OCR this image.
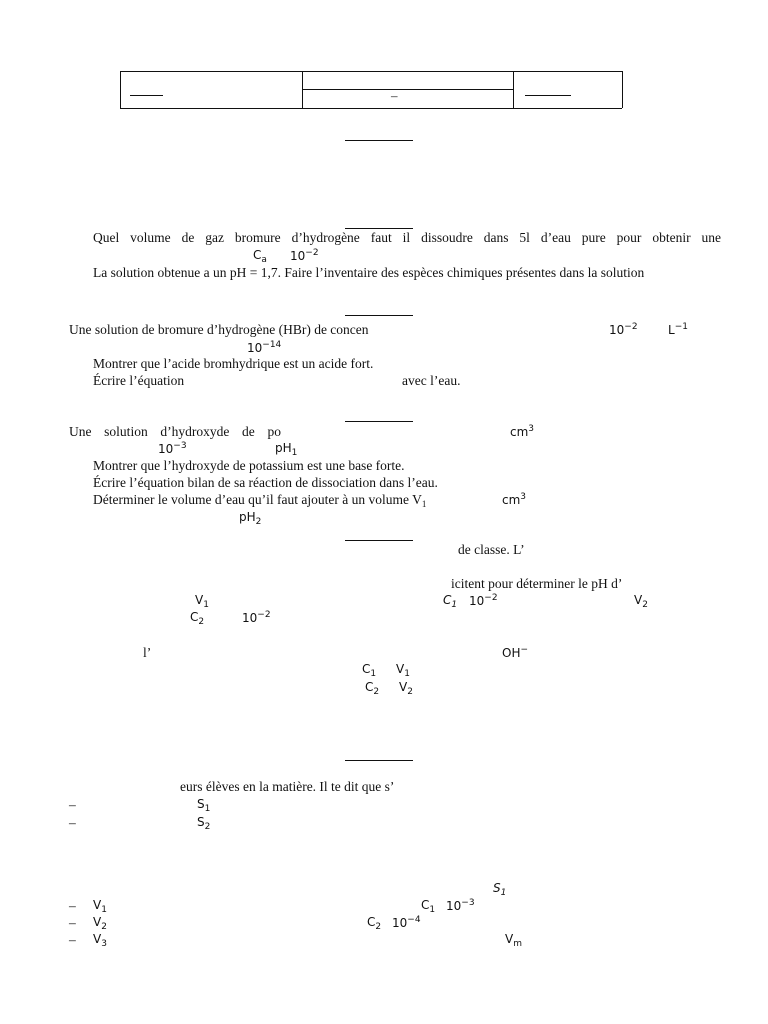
–
Quel volume de gaz bromure d’hydrogène faut il dissoudre dans 5l d’eau pure pour obtenir une
$C_a$ $10^{-2}$
La solution obtenue a un pH = 1,7. Faire l’inventaire des espèces chimiques présentes dans la solution
Une solution de bromure d’hydrogène (HBr) de concen	$10^{-2}$	$L^{-1}$
$10^{-14}$
Montrer que l’acide bromhydrique est un acide fort.
Écrire l’équation	avec l’eau.
Une solution d’hydroxyde de po	$cm^3$
$10^{-3}$	$pH_1$
Montrer que l’hydroxyde de potassium est une base forte.
Écrire l’équation bilan de sa réaction de dissociation dans l’eau.
Déterminer le volume d’eau qu’il faut ajouter à un volume $V_1$	$cm^3$
$pH_2$
de classe. L’
icitent pour déterminer le pH d’
$V_1$	$C_1$ $10^{-2}$	$V_2$
$C_2$	$10^{-2}$
l’	OH−
$C_1$ $V_1$
$C_2$ $V_2$
eurs élèves en la matière. Il te dit que s’
–	$S_1$
–	$S_2$
$S_1$
– $V_1$	$C_1$ $10^{-3}$
– $V_2$	$C_2$ $10^{-4}$
– $V_3$	$V_m$
